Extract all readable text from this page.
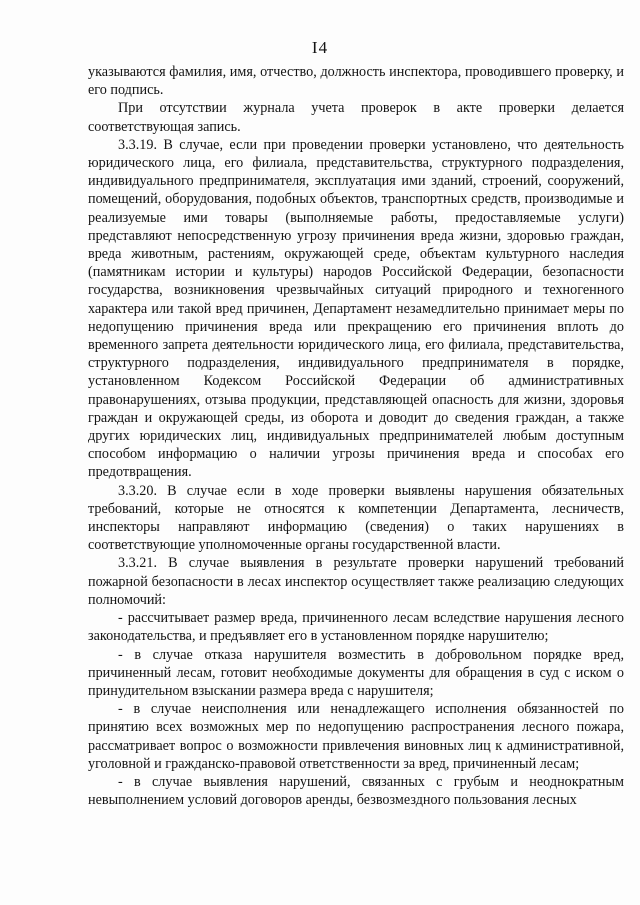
I4

указываются фамилия, имя, отчество, должность инспектора, проводившего проверку, и его подпись.

При отсутствии журнала учета проверок в акте проверки делается соответствующая запись.

3.3.19. В случае, если при проведении проверки установлено, что деятельность юридического лица, его филиала, представительства, структурного подразделения, индивидуального предпринимателя, эксплуатация ими зданий, строений, сооружений, помещений, оборудования, подобных объектов, транспортных средств, производимые и реализуемые ими товары (выполняемые работы, предоставляемые услуги) представляют непосредственную угрозу причинения вреда жизни, здоровью граждан, вреда животным, растениям, окружающей среде, объектам культурного наследия (памятникам истории и культуры) народов Российской Федерации, безопасности государства, возникновения чрезвычайных ситуаций природного и техногенного характера или такой вред причинен, Департамент незамедлительно принимает меры по недопущению причинения вреда или прекращению его причинения вплоть до временного запрета деятельности юридического лица, его филиала, представительства, структурного подразделения, индивидуального предпринимателя в порядке, установленном Кодексом Российской Федерации об административных правонарушениях, отзыва продукции, представляющей опасность для жизни, здоровья граждан и окружающей среды, из оборота и доводит до сведения граждан, а также других юридических лиц, индивидуальных предпринимателей любым доступным способом информацию о наличии угрозы причинения вреда и способах его предотвращения.

3.3.20. В случае если в ходе проверки выявлены нарушения обязательных требований, которые не относятся к компетенции Департамента, лесничеств, инспекторы направляют информацию (сведения) о таких нарушениях в соответствующие уполномоченные органы государственной власти.

3.3.21. В случае выявления в результате проверки нарушений требований пожарной безопасности в лесах инспектор осуществляет также реализацию следующих полномочий:

- рассчитывает размер вреда, причиненного лесам вследствие нарушения лесного законодательства, и предъявляет его в установленном порядке нарушителю;

- в случае отказа нарушителя возместить в добровольном порядке вред, причиненный лесам, готовит необходимые документы для обращения в суд с иском о принудительном взыскании размера вреда с нарушителя;

- в случае неисполнения или ненадлежащего исполнения обязанностей по принятию всех возможных мер по недопущению распространения лесного пожара, рассматривает вопрос о возможности привлечения виновных лиц к административной, уголовной и гражданско-правовой ответственности за вред, причиненный лесам;

- в случае выявления нарушений, связанных с грубым и неоднократным невыполнением условий договоров аренды, безвозмездного пользования лесных
